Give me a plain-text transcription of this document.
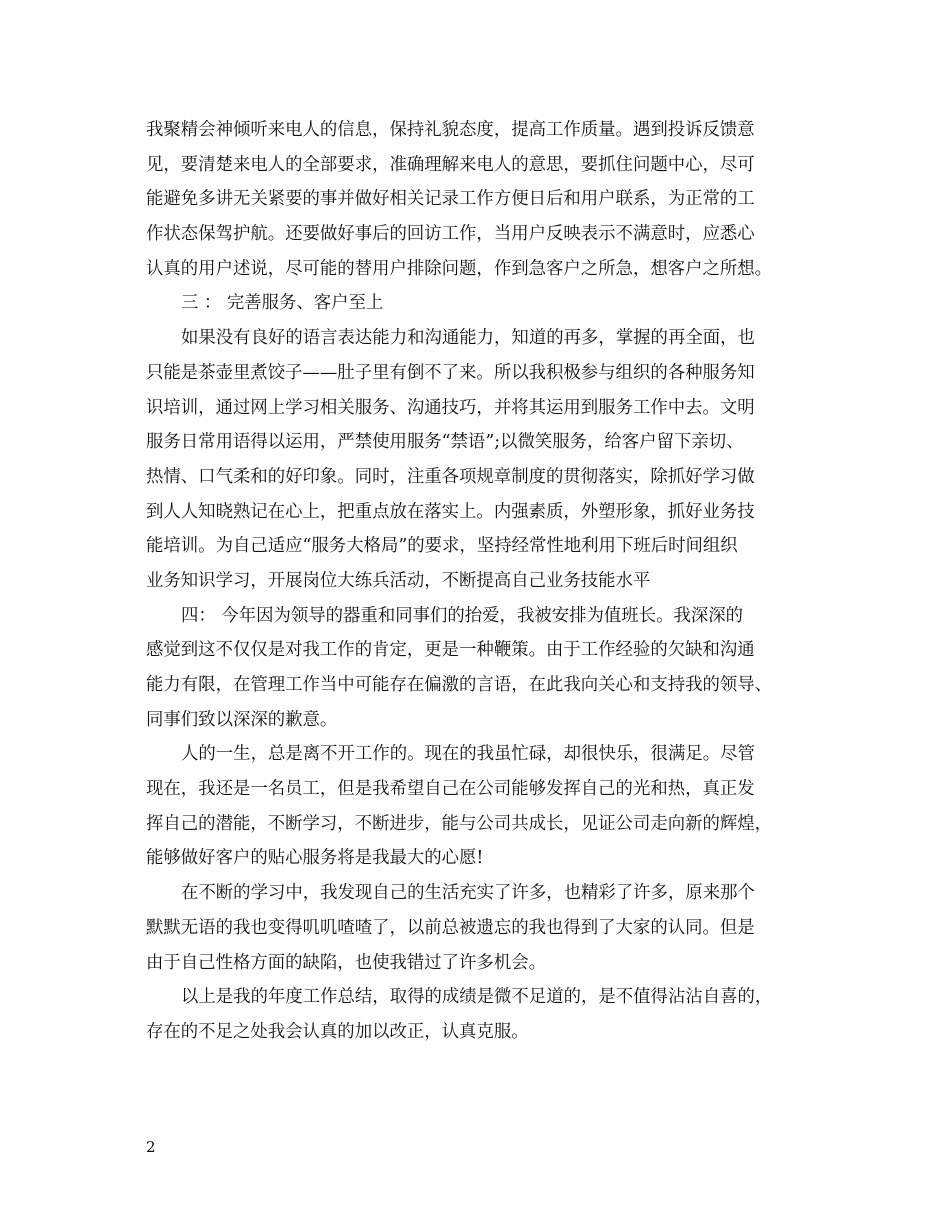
我聚精会神倾听来电人的信息，保持礼貌态度，提高工作质量。遇到投诉反馈意
见，要清楚来电人的全部要求，准确理解来电人的意思，要抓住问题中心，尽可
能避免多讲无关紧要的事并做好相关记录工作方便日后和用户联系，为正常的工
作状态保驾护航。还要做好事后的回访工作，当用户反映表示不满意时，应悉心
认真的用户述说，尽可能的替用户排除问题，作到急客户之所急，想客户之所想。
三 ： 完善服务、客户至上
如果没有良好的语言表达能力和沟通能力，知道的再多，掌握的再全面，也
只能是茶壶里煮饺子——肚子里有倒不了来。所以我积极参与组织的各种服务知
识培训，通过网上学习相关服务、沟通技巧，并将其运用到服务工作中去。文明
服务日常用语得以运用，严禁使用服务“禁语”;以微笑服务，给客户留下亲切、
热情、口气柔和的好印象。同时，注重各项规章制度的贯彻落实，除抓好学习做
到人人知晓熟记在心上，把重点放在落实上。内强素质，外塑形象，抓好业务技
能培训。为自己适应“服务大格局”的要求，坚持经常性地利用下班后时间组织
业务知识学习，开展岗位大练兵活动，不断提高自己业务技能水平
四： 今年因为领导的器重和同事们的抬爱，我被安排为值班长。我深深的
感觉到这不仅仅是对我工作的肯定，更是一种鞭策。由于工作经验的欠缺和沟通
能力有限，在管理工作当中可能存在偏激的言语，在此我向关心和支持我的领导、
同事们致以深深的歉意。
人的一生，总是离不开工作的。现在的我虽忙碌，却很快乐，很满足。尽管
现在，我还是一名员工，但是我希望自己在公司能够发挥自己的光和热，真正发
挥自己的潜能，不断学习，不断进步，能与公司共成长，见证公司走向新的辉煌，
能够做好客户的贴心服务将是我最大的心愿!
在不断的学习中，我发现自己的生活充实了许多，也精彩了许多，原来那个
默默无语的我也变得叽叽喳喳了，以前总被遗忘的我也得到了大家的认同。但是
由于自己性格方面的缺陷，也使我错过了许多机会。
以上是我的年度工作总结，取得的成绩是微不足道的，是不值得沾沾自喜的，
存在的不足之处我会认真的加以改正，认真克服。
2
